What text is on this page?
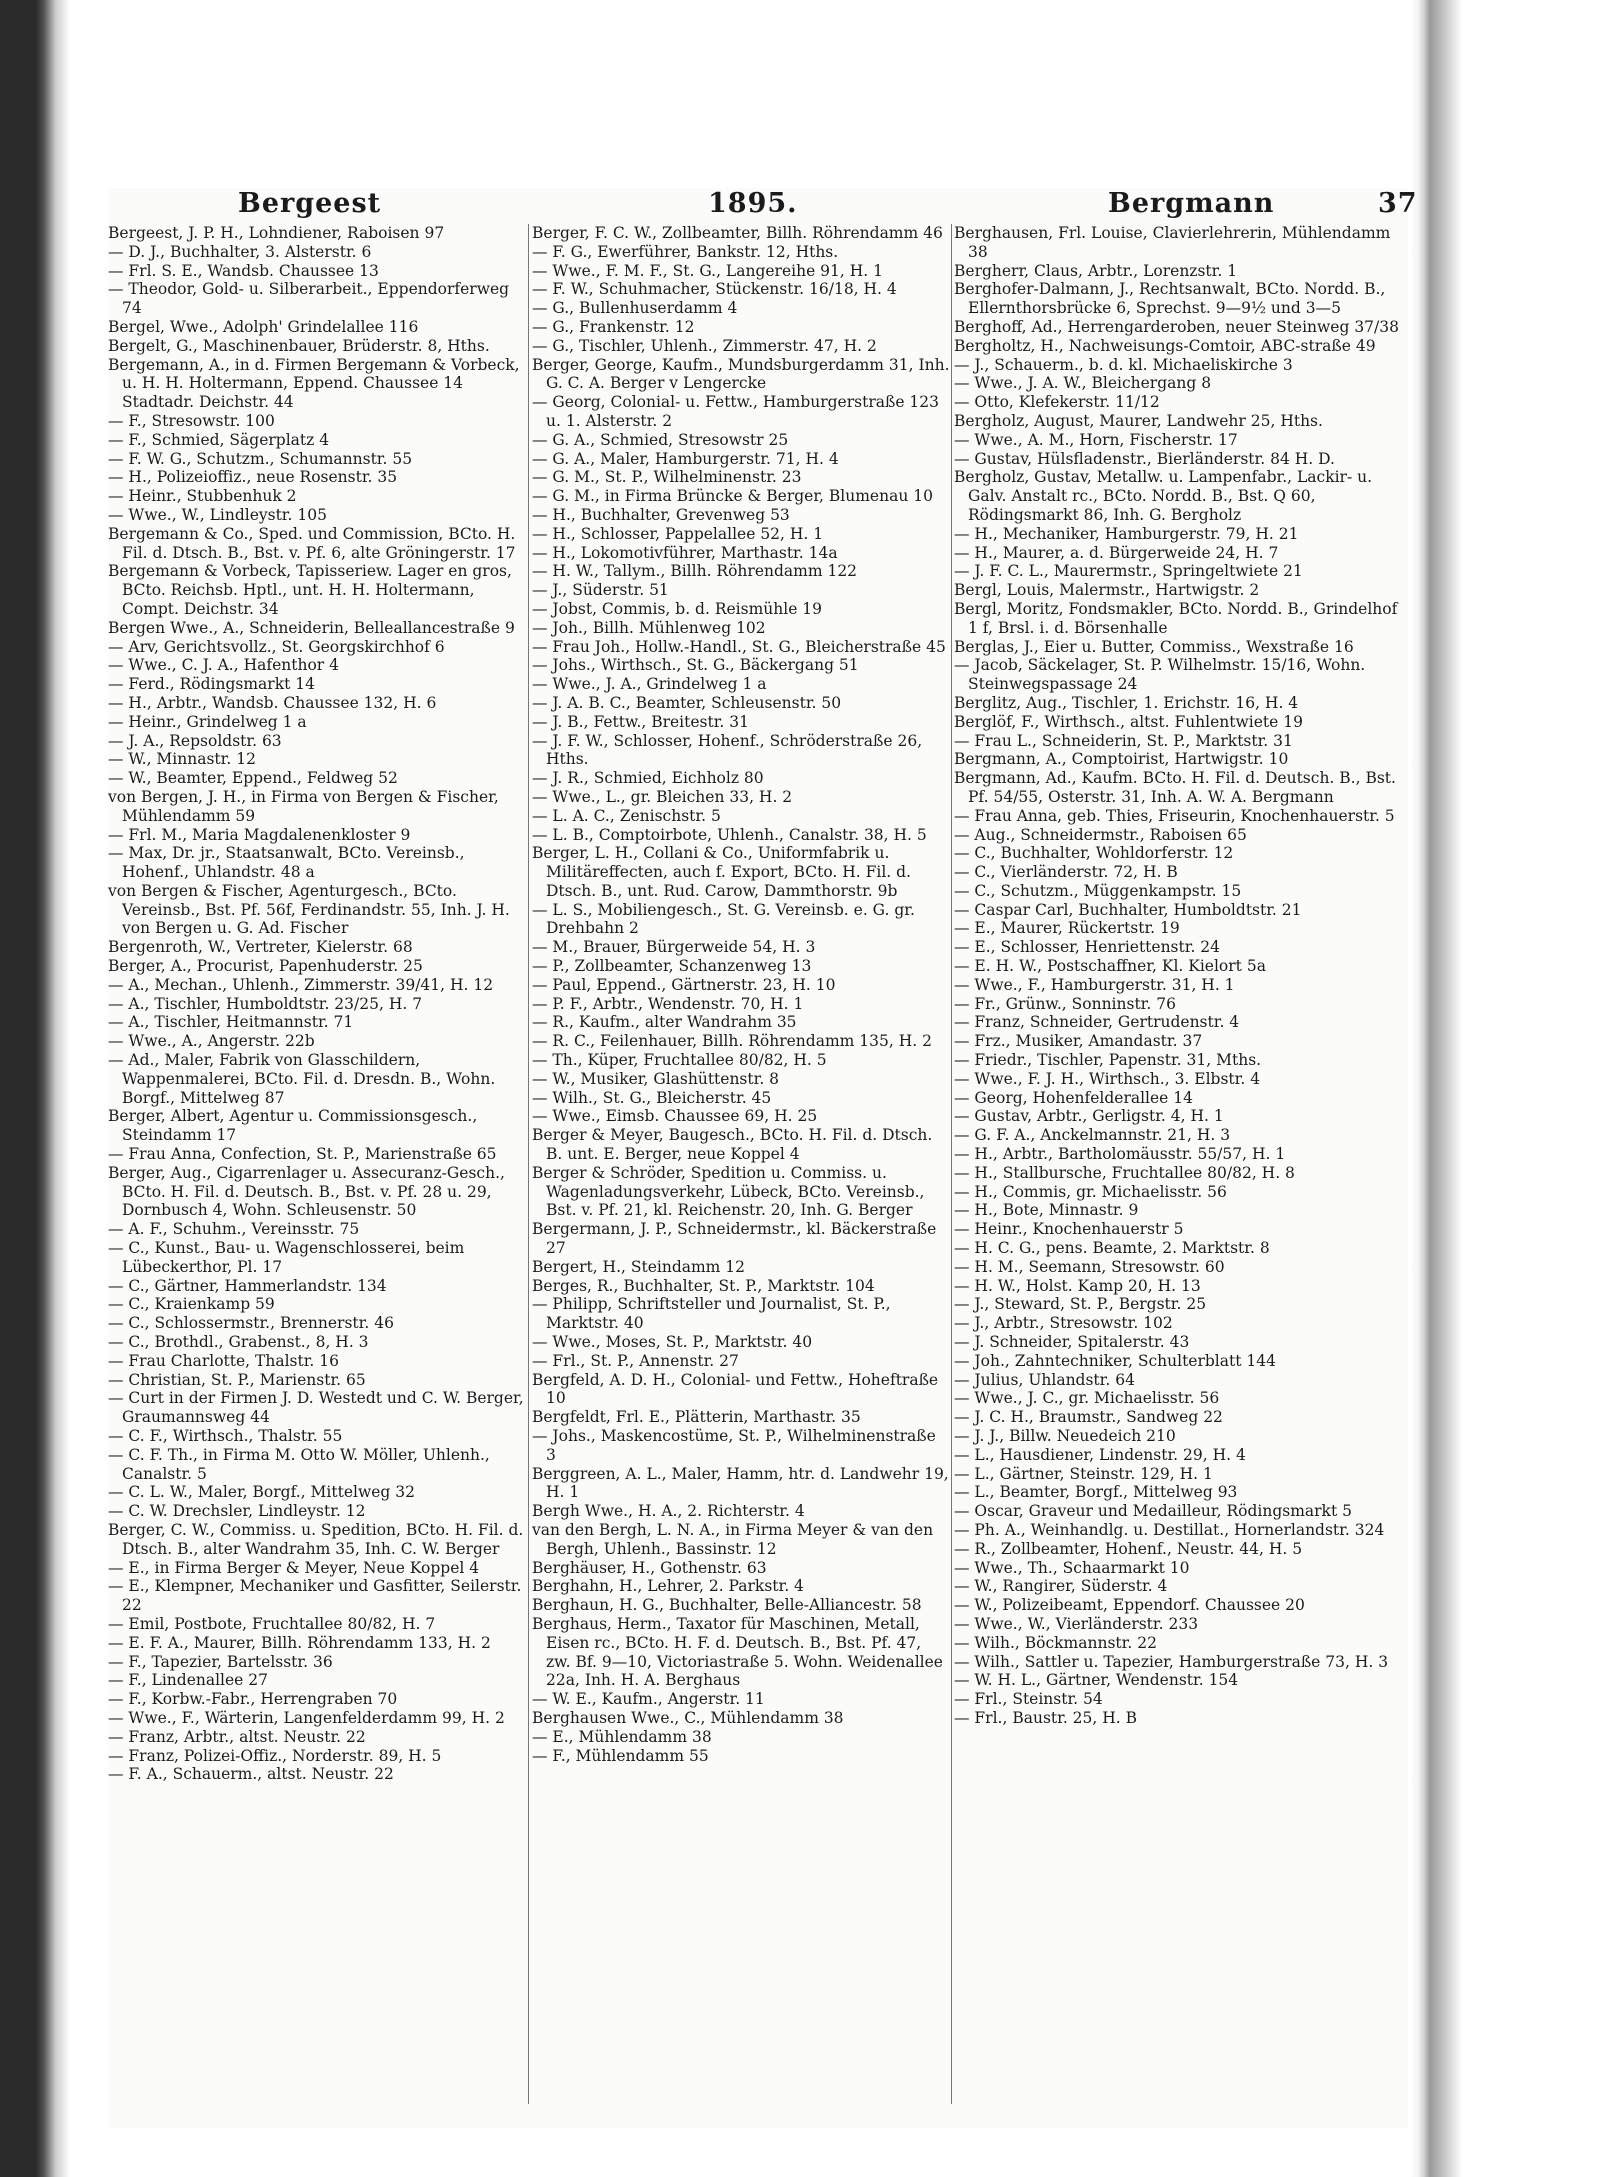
Bergeest	1895.	Bergmann	37

Bergeest, J. P. H., Lohndiener, Raboisen 97

— D. J., Buchhalter, 3. Alsterstr. 6

— Frl. S. E., Wandsb. Chaussee 13

— Theodor, Gold- u. Silberarbeit., Eppendorferweg 74

Bergel, Wwe., Adolph' Grindelallee 116

Bergelt, G., Maschinenbauer, Brüderstr. 8, Hths.

Bergemann, A., in d. Firmen Bergemann & Vorbeck, u. H. H. Holtermann, Eppend. Chaussee 14 Stadtadr. Deichstr. 44

— F., Stresowstr. 100

— F., Schmied, Sägerplatz 4

— F. W. G., Schutzm., Schumannstr. 55

— H., Polizeioffiz., neue Rosenstr. 35

— Heinr., Stubbenhuk 2

— Wwe., W., Lindleystr. 105

Bergemann & Co., Sped. und Commission, BCto. H. Fil. d. Dtsch. B., Bst. v. Pf. 6, alte Gröningerstr. 17

Bergemann & Vorbeck, Tapisseriew. Lager en gros, BCto. Reichsb. Hptl., unt. H. H. Holtermann, Compt. Deichstr. 34

Bergen Wwe., A., Schneiderin, Belleallancestraße 9

— Arv, Gerichtsvollz., St. Georgskirchhof 6

— Wwe., C. J. A., Hafenthor 4

— Ferd., Rödingsmarkt 14

— H., Arbtr., Wandsb. Chaussee 132, H. 6

— Heinr., Grindelweg 1 a

— J. A., Repsoldstr. 63

— W., Minnastr. 12

— W., Beamter, Eppend., Feldweg 52

von Bergen, J. H., in Firma von Bergen & Fischer, Mühlendamm 59

— Frl. M., Maria Magdalenenkloster 9

— Max, Dr. jr., Staatsanwalt, BCto. Vereinsb., Hohenf., Uhlandstr. 48 a

von Bergen & Fischer, Agenturgesch., BCto. Vereinsb., Bst. Pf. 56f, Ferdinandstr. 55, Inh. J. H. von Bergen u. G. Ad. Fischer

Bergenroth, W., Vertreter, Kielerstr. 68

Berger, A., Procurist, Papenhuderstr. 25

— A., Mechan., Uhlenh., Zimmerstr. 39/41, H. 12

— A., Tischler, Humboldtstr. 23/25, H. 7

— A., Tischler, Heitmannstr. 71

— Wwe., A., Angerstr. 22b

— Ad., Maler, Fabrik von Glasschildern, Wappenmalerei, BCto. Fil. d. Dresdn. B., Wohn. Borgf., Mittelweg 87

Berger, Albert, Agentur u. Commissionsgesch., Steindamm 17

— Frau Anna, Confection, St. P., Marienstraße 65

Berger, Aug., Cigarrenlager u. Assecuranz-Gesch., BCto. H. Fil. d. Deutsch. B., Bst. v. Pf. 28 u. 29, Dornbusch 4, Wohn. Schleusenstr. 50

— A. F., Schuhm., Vereinsstr. 75

— C., Kunst., Bau- u. Wagenschlosserei, beim Lübeckerthor, Pl. 17

— C., Gärtner, Hammerlandstr. 134

— C., Kraienkamp 59

— C., Schlossermstr., Brennerstr. 46

— C., Brothdl., Grabenst., 8, H. 3

— Frau Charlotte, Thalstr. 16

— Christian, St. P., Marienstr. 65

— Curt in der Firmen J. D. Westedt und C. W. Berger, Graumannsweg 44

— C. F., Wirthsch., Thalstr. 55

— C. F. Th., in Firma M. Otto W. Möller, Uhlenh., Canalstr. 5

— C. L. W., Maler, Borgf., Mittelweg 32

— C. W. Drechsler, Lindleystr. 12

Berger, C. W., Commiss. u. Spedition, BCto. H. Fil. d. Dtsch. B., alter Wandrahm 35, Inh. C. W. Berger

— E., in Firma Berger & Meyer, Neue Koppel 4

— E., Klempner, Mechaniker und Gasfitter, Seilerstr. 22

— Emil, Postbote, Fruchtallee 80/82, H. 7

— E. F. A., Maurer, Billh. Röhrendamm 133, H. 2

— F., Tapezier, Bartelsstr. 36

— F., Lindenallee 27

— F., Korbw.-Fabr., Herrengraben 70

— Wwe., F., Wärterin, Langenfelderdamm 99, H. 2

— Franz, Arbtr., altst. Neustr. 22

— Franz, Polizei-Offiz., Norderstr. 89, H. 5

— F. A., Schauerm., altst. Neustr. 22

Berger, F. C. W., Zollbeamter, Billh. Röhrendamm 46

— F. G., Ewerführer, Bankstr. 12, Hths.

— Wwe., F. M. F., St. G., Langereihe 91, H. 1

— F. W., Schuhmacher, Stückenstr. 16/18, H. 4

— G., Bullenhuserdamm 4

— G., Frankenstr. 12

— G., Tischler, Uhlenh., Zimmerstr. 47, H. 2

Berger, George, Kaufm., Mundsburgerdamm 31, Inh. G. C. A. Berger v Lengercke

— Georg, Colonial- u. Fettw., Hamburgerstraße 123 u. 1. Alsterstr. 2

— G. A., Schmied, Stresowstr 25

— G. A., Maler, Hamburgerstr. 71, H. 4

— G. M., St. P., Wilhelminenstr. 23

— G. M., in Firma Brüncke & Berger, Blumenau 10

— H., Buchhalter, Grevenweg 53

— H., Schlosser, Pappelallee 52, H. 1

— H., Lokomotivführer, Marthastr. 14a

— H. W., Tallym., Billh. Röhrendamm 122

— J., Süderstr. 51

— Jobst, Commis, b. d. Reismühle 19

— Joh., Billh. Mühlenweg 102

— Frau Joh., Hollw.-Handl., St. G., Bleicherstraße 45

— Johs., Wirthsch., St. G., Bäckergang 51

— Wwe., J. A., Grindelweg 1 a

— J. A. B. C., Beamter, Schleusenstr. 50

— J. B., Fettw., Breitestr. 31

— J. F. W., Schlosser, Hohenf., Schröderstraße 26, Hths.

— J. R., Schmied, Eichholz 80

— Wwe., L., gr. Bleichen 33, H. 2

— L. A. C., Zenischstr. 5

— L. B., Comptoirbote, Uhlenh., Canalstr. 38, H. 5

Berger, L. H., Collani & Co., Uniformfabrik u. Militäreffecten, auch f. Export, BCto. H. Fil. d. Dtsch. B., unt. Rud. Carow, Dammthorstr. 9b

— L. S., Mobiliengesch., St. G. Vereinsb. e. G. gr. Drehbahn 2

— M., Brauer, Bürgerweide 54, H. 3

— P., Zollbeamter, Schanzenweg 13

— Paul, Eppend., Gärtnerstr. 23, H. 10

— P. F., Arbtr., Wendenstr. 70, H. 1

— R., Kaufm., alter Wandrahm 35

— R. C., Feilenhauer, Billh. Röhrendamm 135, H. 2

— Th., Küper, Fruchtallee 80/82, H. 5

— W., Musiker, Glashüttenstr. 8

— Wilh., St. G., Bleicherstr. 45

— Wwe., Eimsb. Chaussee 69, H. 25

Berger & Meyer, Baugesch., BCto. H. Fil. d. Dtsch. B. unt. E. Berger, neue Koppel 4

Berger & Schröder, Spedition u. Commiss. u. Wagenladungsverkehr, Lübeck, BCto. Vereinsb., Bst. v. Pf. 21, kl. Reichenstr. 20, Inh. G. Berger

Bergermann, J. P., Schneidermstr., kl. Bäckerstraße 27

Bergert, H., Steindamm 12

Berges, R., Buchhalter, St. P., Marktstr. 104

— Philipp, Schriftsteller und Journalist, St. P., Marktstr. 40

— Wwe., Moses, St. P., Marktstr. 40

— Frl., St. P., Annenstr. 27

Bergfeld, A. D. H., Colonial- und Fettw., Hoheftraße 10

Bergfeldt, Frl. E., Plätterin, Marthastr. 35

— Johs., Maskencostüme, St. P., Wilhelminenstraße 3

Berggreen, A. L., Maler, Hamm, htr. d. Landwehr 19, H. 1

Bergh Wwe., H. A., 2. Richterstr. 4

van den Bergh, L. N. A., in Firma Meyer & van den Bergh, Uhlenh., Bassinstr. 12

Berghäuser, H., Gothenstr. 63

Berghahn, H., Lehrer, 2. Parkstr. 4

Berghaun, H. G., Buchhalter, Belle-Alliancestr. 58

Berghaus, Herm., Taxator für Maschinen, Metall, Eisen rc., BCto. H. F. d. Deutsch. B., Bst. Pf. 47, zw. Bf. 9—10, Victoriastraße 5. Wohn. Weidenallee 22a, Inh. H. A. Berghaus

— W. E., Kaufm., Angerstr. 11

Berghausen Wwe., C., Mühlendamm 38

— E., Mühlendamm 38

— F., Mühlendamm 55

Berghausen, Frl. Louise, Clavierlehrerin, Mühlendamm 38

Bergherr, Claus, Arbtr., Lorenzstr. 1

Berghofer-Dalmann, J., Rechtsanwalt, BCto. Nordd. B., Ellernthorsbrücke 6, Sprechst. 9—9½ und 3—5

Berghoff, Ad., Herrengarderoben, neuer Steinweg 37/38

Bergholtz, H., Nachweisungs-Comtoir, ABC-straße 49

— J., Schauerm., b. d. kl. Michaeliskirche 3

— Wwe., J. A. W., Bleichergang 8

— Otto, Klefekerstr. 11/12

Bergholz, August, Maurer, Landwehr 25, Hths.

— Wwe., A. M., Horn, Fischerstr. 17

— Gustav, Hülsfladenstr., Bierländerstr. 84 H. D.

Bergholz, Gustav, Metallw. u. Lampenfabr., Lackir- u. Galv. Anstalt rc., BCto. Nordd. B., Bst. Q 60, Rödingsmarkt 86, Inh. G. Bergholz

— H., Mechaniker, Hamburgerstr. 79, H. 21

— H., Maurer, a. d. Bürgerweide 24, H. 7

— J. F. C. L., Maurermstr., Springeltwiete 21

Bergl, Louis, Malermstr., Hartwigstr. 2

Bergl, Moritz, Fondsmakler, BCto. Nordd. B., Grindelhof 1 f, Brsl. i. d. Börsenhalle

Berglas, J., Eier u. Butter, Commiss., Wexstraße 16

— Jacob, Säckelager, St. P. Wilhelmstr. 15/16, Wohn. Steinwegspassage 24

Berglitz, Aug., Tischler, 1. Erichstr. 16, H. 4

Berglöf, F., Wirthsch., altst. Fuhlentwiete 19

— Frau L., Schneiderin, St. P., Marktstr. 31

Bergmann, A., Comptoirist, Hartwigstr. 10

Bergmann, Ad., Kaufm. BCto. H. Fil. d. Deutsch. B., Bst. Pf. 54/55, Osterstr. 31, Inh. A. W. A. Bergmann

— Frau Anna, geb. Thies, Friseurin, Knochenhauerstr. 5

— Aug., Schneidermstr., Raboisen 65

— C., Buchhalter, Wohldorferstr. 12

— C., Vierländerstr. 72, H. B

— C., Schutzm., Müggenkampstr. 15

— Caspar Carl, Buchhalter, Humboldtstr. 21

— E., Maurer, Rückertstr. 19

— E., Schlosser, Henriettenstr. 24

— E. H. W., Postschaffner, Kl. Kielort 5a

— Wwe., F., Hamburgerstr. 31, H. 1

— Fr., Grünw., Sonninstr. 76

— Franz, Schneider, Gertrudenstr. 4

— Frz., Musiker, Amandastr. 37

— Friedr., Tischler, Papenstr. 31, Mths.

— Wwe., F. J. H., Wirthsch., 3. Elbstr. 4

— Georg, Hohenfelderallee 14

— Gustav, Arbtr., Gerligstr. 4, H. 1

— G. F. A., Anckelmannstr. 21, H. 3

— H., Arbtr., Bartholomäusstr. 55/57, H. 1

— H., Stallbursche, Fruchtallee 80/82, H. 8

— H., Commis, gr. Michaelisstr. 56

— H., Bote, Minnastr. 9

— Heinr., Knochenhauerstr 5

— H. C. G., pens. Beamte, 2. Marktstr. 8

— H. M., Seemann, Stresowstr. 60

— H. W., Holst. Kamp 20, H. 13

— J., Steward, St. P., Bergstr. 25

— J., Arbtr., Stresowstr. 102

— J. Schneider, Spitalerstr. 43

— Joh., Zahntechniker, Schulterblatt 144

— Julius, Uhlandstr. 64

— Wwe., J. C., gr. Michaelisstr. 56

— J. C. H., Braumstr., Sandweg 22

— J. J., Billw. Neuedeich 210

— L., Hausdiener, Lindenstr. 29, H. 4

— L., Gärtner, Steinstr. 129, H. 1

— L., Beamter, Borgf., Mittelweg 93

— Oscar, Graveur und Medailleur, Rödingsmarkt 5

— Ph. A., Weinhandlg. u. Destillat., Hornerlandstr. 324

— R., Zollbeamter, Hohenf., Neustr. 44, H. 5

— Wwe., Th., Schaarmarkt 10

— W., Rangirer, Süderstr. 4

— W., Polizeibeamt, Eppendorf. Chaussee 20

— Wwe., W., Vierländerstr. 233

— Wilh., Böckmannstr. 22

— Wilh., Sattler u. Tapezier, Hamburgerstraße 73, H. 3

— W. H. L., Gärtner, Wendenstr. 154

— Frl., Steinstr. 54

— Frl., Baustr. 25, H. B
